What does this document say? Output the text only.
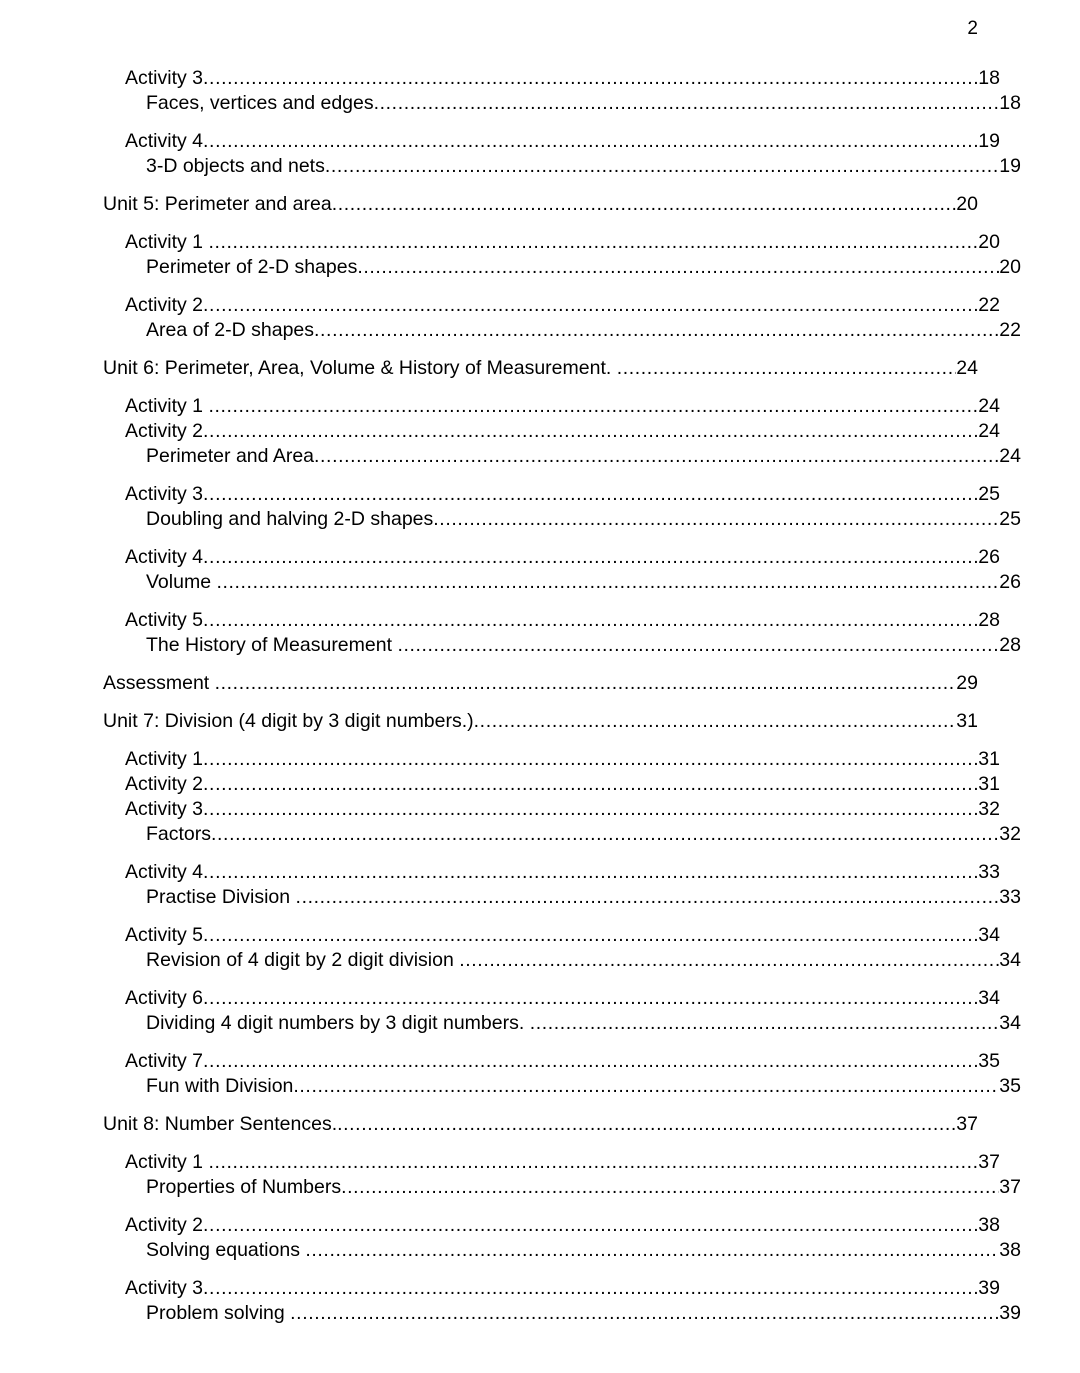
2
Activity 3 .....	18
Faces, vertices and edges .....	18
Activity 4 .....	19
3-D objects and nets .....	19
Unit 5: Perimeter and area .....	20
Activity 1 .....	20
Perimeter of 2-D shapes .....	20
Activity 2 .....	22
Area of 2-D shapes .....	22
Unit 6: Perimeter, Area, Volume & History of Measurement. .....	24
Activity 1 .....	24
Activity 2 .....	24
Perimeter and Area .....	24
Activity 3 .....	25
Doubling and halving 2-D shapes .....	25
Activity 4 .....	26
Volume .....	26
Activity 5 .....	28
The History of Measurement .....	28
Assessment .....	29
Unit 7: Division (4 digit by 3 digit numbers.) .....	31
Activity 1 .....	31
Activity 2 .....	31
Activity 3 .....	32
Factors .....	32
Activity 4 .....	33
Practise Division .....	33
Activity 5 .....	34
Revision of 4 digit by 2 digit division .....	34
Activity 6 .....	34
Dividing 4 digit numbers by 3 digit numbers. .....	34
Activity 7 .....	35
Fun with Division .....	35
Unit 8: Number Sentences. .....	37
Activity 1 .....	37
Properties of Numbers .....	37
Activity 2 .....	38
Solving equations .....	38
Activity 3 .....	39
Problem solving .....	39
